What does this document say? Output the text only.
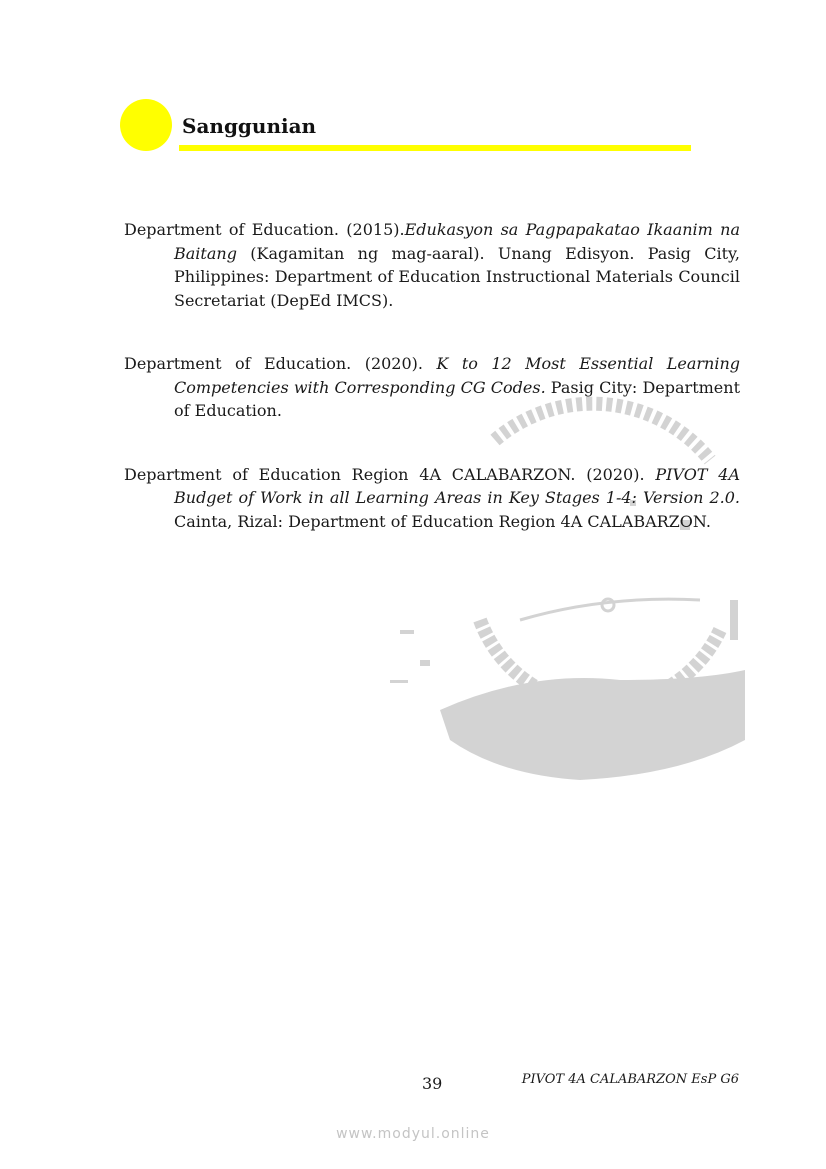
Sanggunian

Department of Education. (2015).Edukasyon sa Pagpapakatao Ikaanim na Baitang (Kagamitan ng mag-aaral). Unang Edisyon. Pasig City, Philippines: Department of Education Instructional Materials Council Secretariat (DepEd IMCS).

Department of Education. (2020). K to 12 Most Essential Learning Competencies with Corresponding CG Codes. Pasig City: Department of Education.

Department of Education Region 4A CALABARZON. (2020). PIVOT 4A Budget of Work in all Learning Areas in Key Stages 1-4: Version 2.0. Cainta, Rizal: Department of Education Region 4A CALABARZON.

39	PIVOT 4A CALABARZON EsP G6
www.modyul.online
